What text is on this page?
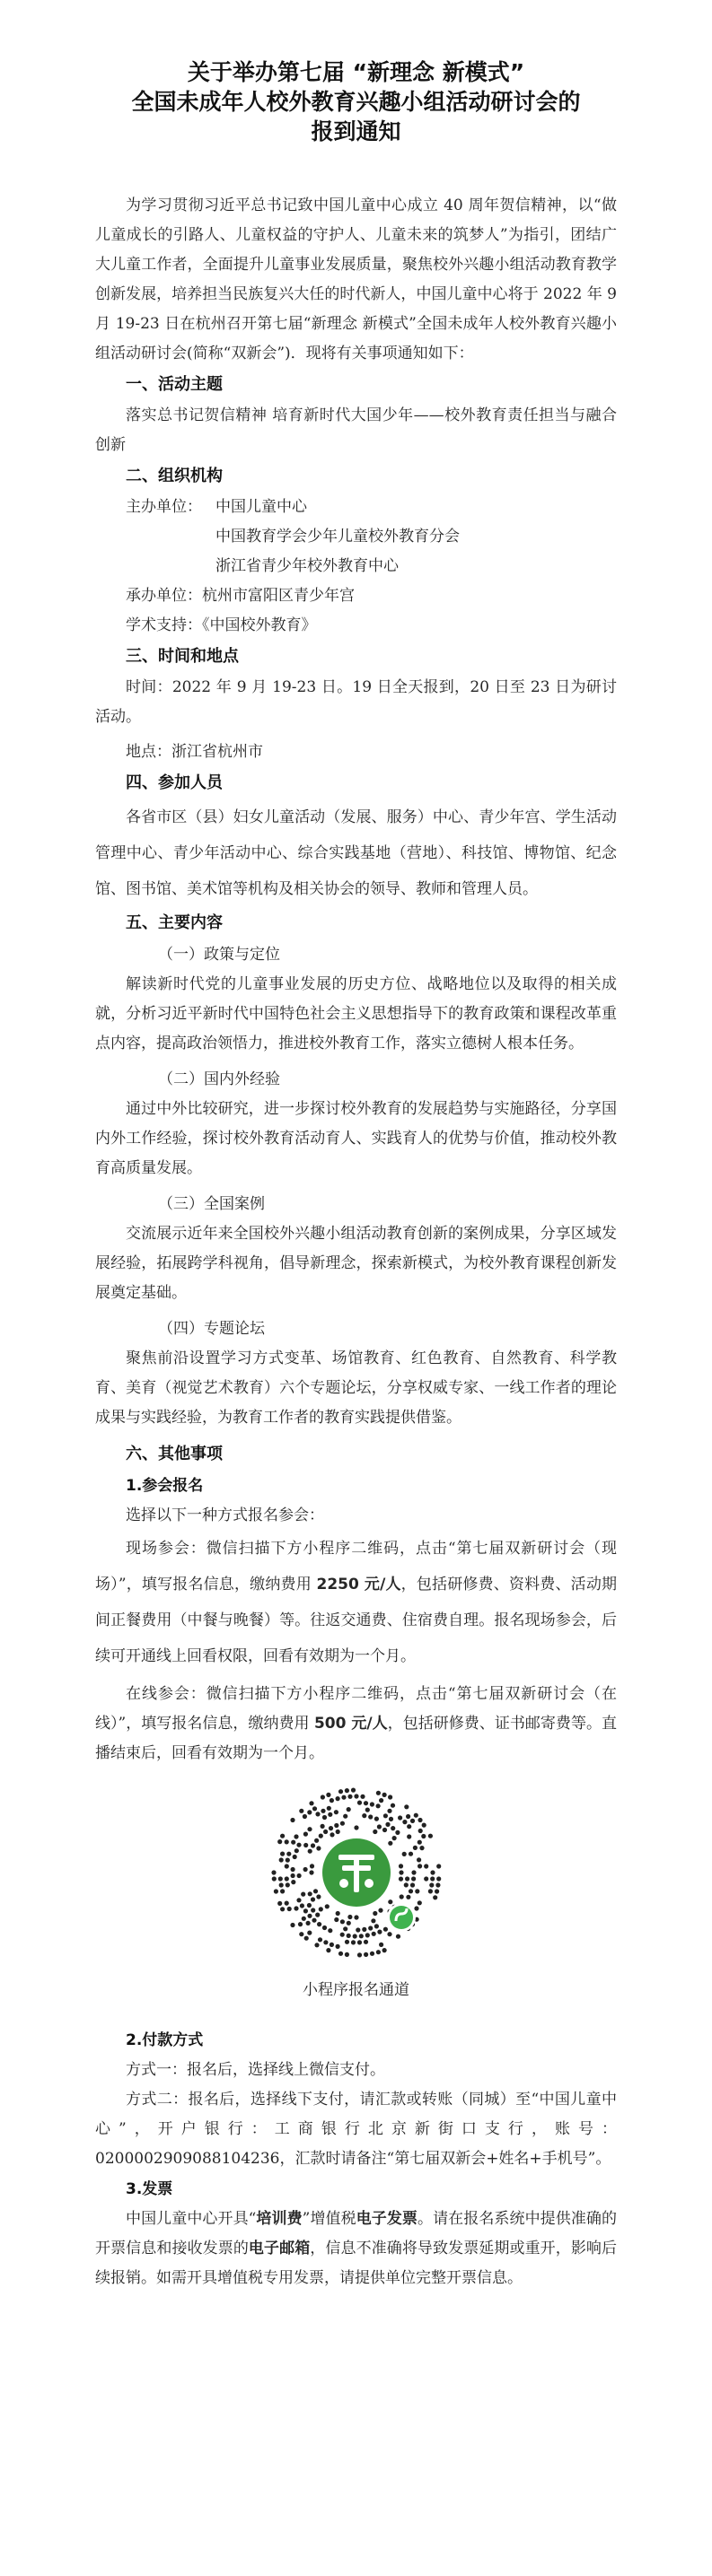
关于举办第七届 “新理念 新模式”
全国未成年人校外教育兴趣小组活动研讨会的
报到通知
为学习贯彻习近平总书记致中国儿童中心成立 40 周年贺信精神，以“做儿童成长的引路人、儿童权益的守护人、儿童未来的筑梦人”为指引，团结广大儿童工作者，全面提升儿童事业发展质量，聚焦校外兴趣小组活动教育教学创新发展，培养担当民族复兴大任的时代新人，中国儿童中心将于 2022 年 9 月 19-23 日在杭州召开第七届“新理念 新模式”全国未成年人校外教育兴趣小组活动研讨会(简称“双新会”)．现将有关事项通知如下：
一、活动主题
落实总书记贺信精神 培育新时代大国少年——校外教育责任担当与融合创新
二、组织机构
主办单位： 中国儿童中心
中国教育学会少年儿童校外教育分会
浙江省青少年校外教育中心
承办单位：杭州市富阳区青少年宫
学术支持：《中国校外教育》
三、时间和地点
时间：2022 年 9 月 19-23 日。19 日全天报到，20 日至 23 日为研讨活动。
地点：浙江省杭州市
四、参加人员
各省市区（县）妇女儿童活动（发展、服务）中心、青少年宫、学生活动管理中心、青少年活动中心、综合实践基地（营地）、科技馆、博物馆、纪念馆、图书馆、美术馆等机构及相关协会的领导、教师和管理人员。
五、主要内容
（一）政策与定位
解读新时代党的儿童事业发展的历史方位、战略地位以及取得的相关成就，分析习近平新时代中国特色社会主义思想指导下的教育政策和课程改革重点内容，提高政治领悟力，推进校外教育工作，落实立德树人根本任务。
（二）国内外经验
通过中外比较研究，进一步探讨校外教育的发展趋势与实施路径，分享国内外工作经验，探讨校外教育活动育人、实践育人的优势与价值，推动校外教育高质量发展。
（三）全国案例
交流展示近年来全国校外兴趣小组活动教育创新的案例成果，分享区域发展经验，拓展跨学科视角，倡导新理念，探索新模式，为校外教育课程创新发展奠定基础。
（四）专题论坛
聚焦前沿设置学习方式变革、场馆教育、红色教育、自然教育、科学教育、美育（视觉艺术教育）六个专题论坛，分享权威专家、一线工作者的理论成果与实践经验，为教育工作者的教育实践提供借鉴。
六、其他事项
1.参会报名
选择以下一种方式报名参会：
现场参会：微信扫描下方小程序二维码，点击“第七届双新研讨会（现场）”，填写报名信息，缴纳费用 2250 元/人，包括研修费、资料费、活动期间正餐费用（中餐与晚餐）等。往返交通费、住宿费自理。报名现场参会，后续可开通线上回看权限，回看有效期为一个月。
在线参会：微信扫描下方小程序二维码，点击“第七届双新研讨会（在线）”，填写报名信息，缴纳费用 500 元/人，包括研修费、证书邮寄费等。直播结束后，回看有效期为一个月。
小程序报名通道
2.付款方式
方式一：报名后，选择线上微信支付。
方式二：报名后，选择线下支付，请汇款或转账（同城）至“中国儿童中心”，开户银行：工商银行北京新街口支行，账号：0200002909088104236，汇款时请备注“第七届双新会+姓名+手机号”。
3.发票
中国儿童中心开具“培训费”增值税电子发票。请在报名系统中提供准确的开票信息和接收发票的电子邮箱，信息不准确将导致发票延期或重开，影响后续报销。如需开具增值税专用发票，请提供单位完整开票信息。
